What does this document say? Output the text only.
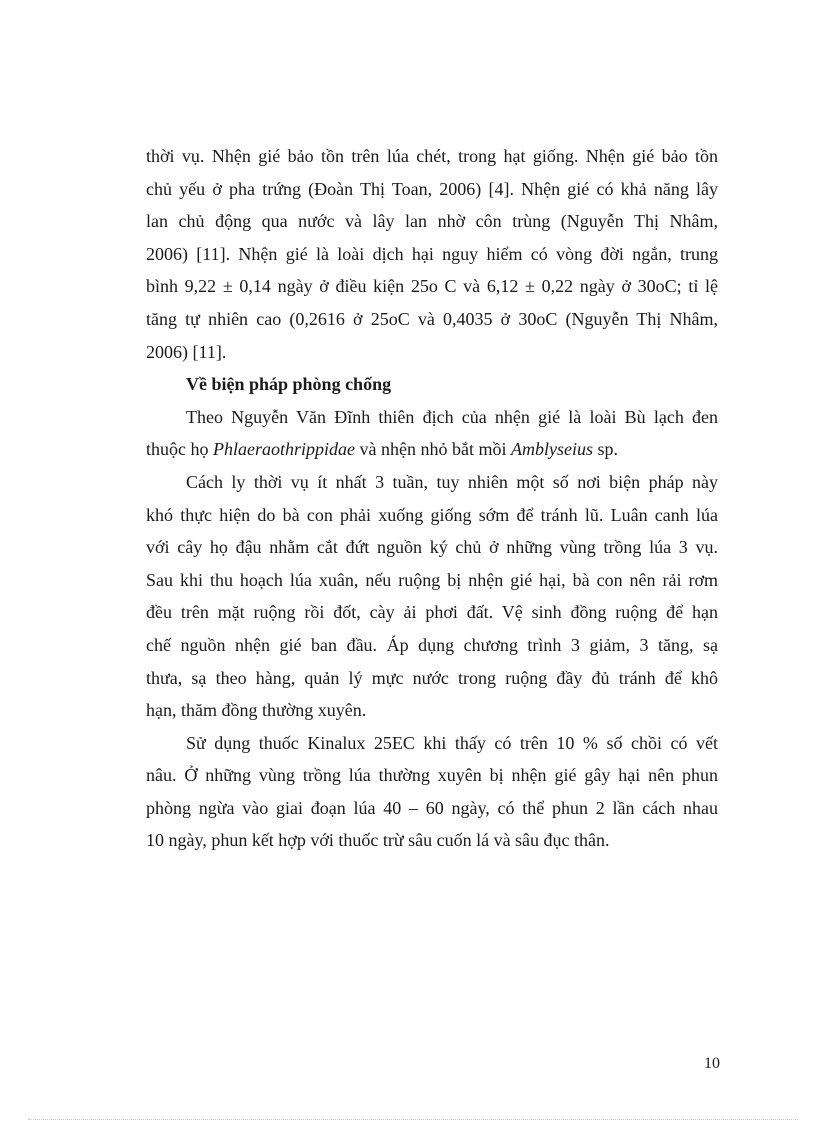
thời vụ. Nhện gié bảo tồn trên lúa chét, trong hạt giống. Nhện gié bảo tồn
chủ yếu ở pha trứng (Đoàn Thị Toan, 2006) [4]. Nhện gié có khả năng lây
lan chủ động qua nước và lây lan nhờ côn trùng (Nguyễn Thị Nhâm,
2006) [11]. Nhện gié là loài dịch hại nguy hiểm có vòng đời ngắn, trung
bình 9,22 ± 0,14 ngày ở điều kiện 25o C và 6,12 ± 0,22 ngày ở 30oC; tỉ lệ
tăng tự nhiên cao (0,2616 ở 25oC và 0,4035 ở 30oC (Nguyễn Thị Nhâm,
2006) [11].

Về biện pháp phòng chống

Theo Nguyễn Văn Đĩnh thiên địch của nhện gié là loài Bù lạch đen
thuộc họ Phlaeraothrippidae và nhện nhỏ bắt mồi Amblyseius sp.

Cách ly thời vụ ít nhất 3 tuần, tuy nhiên một số nơi biện pháp này
khó thực hiện do bà con phải xuống giống sớm để tránh lũ. Luân canh lúa
với cây họ đậu nhằm cắt đứt nguồn ký chủ ở những vùng trồng lúa 3 vụ.
Sau khi thu hoạch lúa xuân, nếu ruộng bị nhện gié hại, bà con nên rải rơm
đều trên mặt ruộng rồi đốt, cày ải phơi đất. Vệ sinh đồng ruộng để hạn
chế nguồn nhện gié ban đầu. Áp dụng chương trình 3 giảm, 3 tăng, sạ
thưa, sạ theo hàng, quản lý mực nước trong ruộng đầy đủ tránh để khô
hạn, thăm đồng thường xuyên.

Sử dụng thuốc Kinalux 25EC khi thấy có trên 10 % số chồi có vết
nâu. Ở những vùng trồng lúa thường xuyên bị nhện gié gây hại nên phun
phòng ngừa vào giai đoạn lúa 40 – 60 ngày, có thể phun 2 lần cách nhau
10 ngày, phun kết hợp với thuốc trừ sâu cuốn lá và sâu đục thân.

10
